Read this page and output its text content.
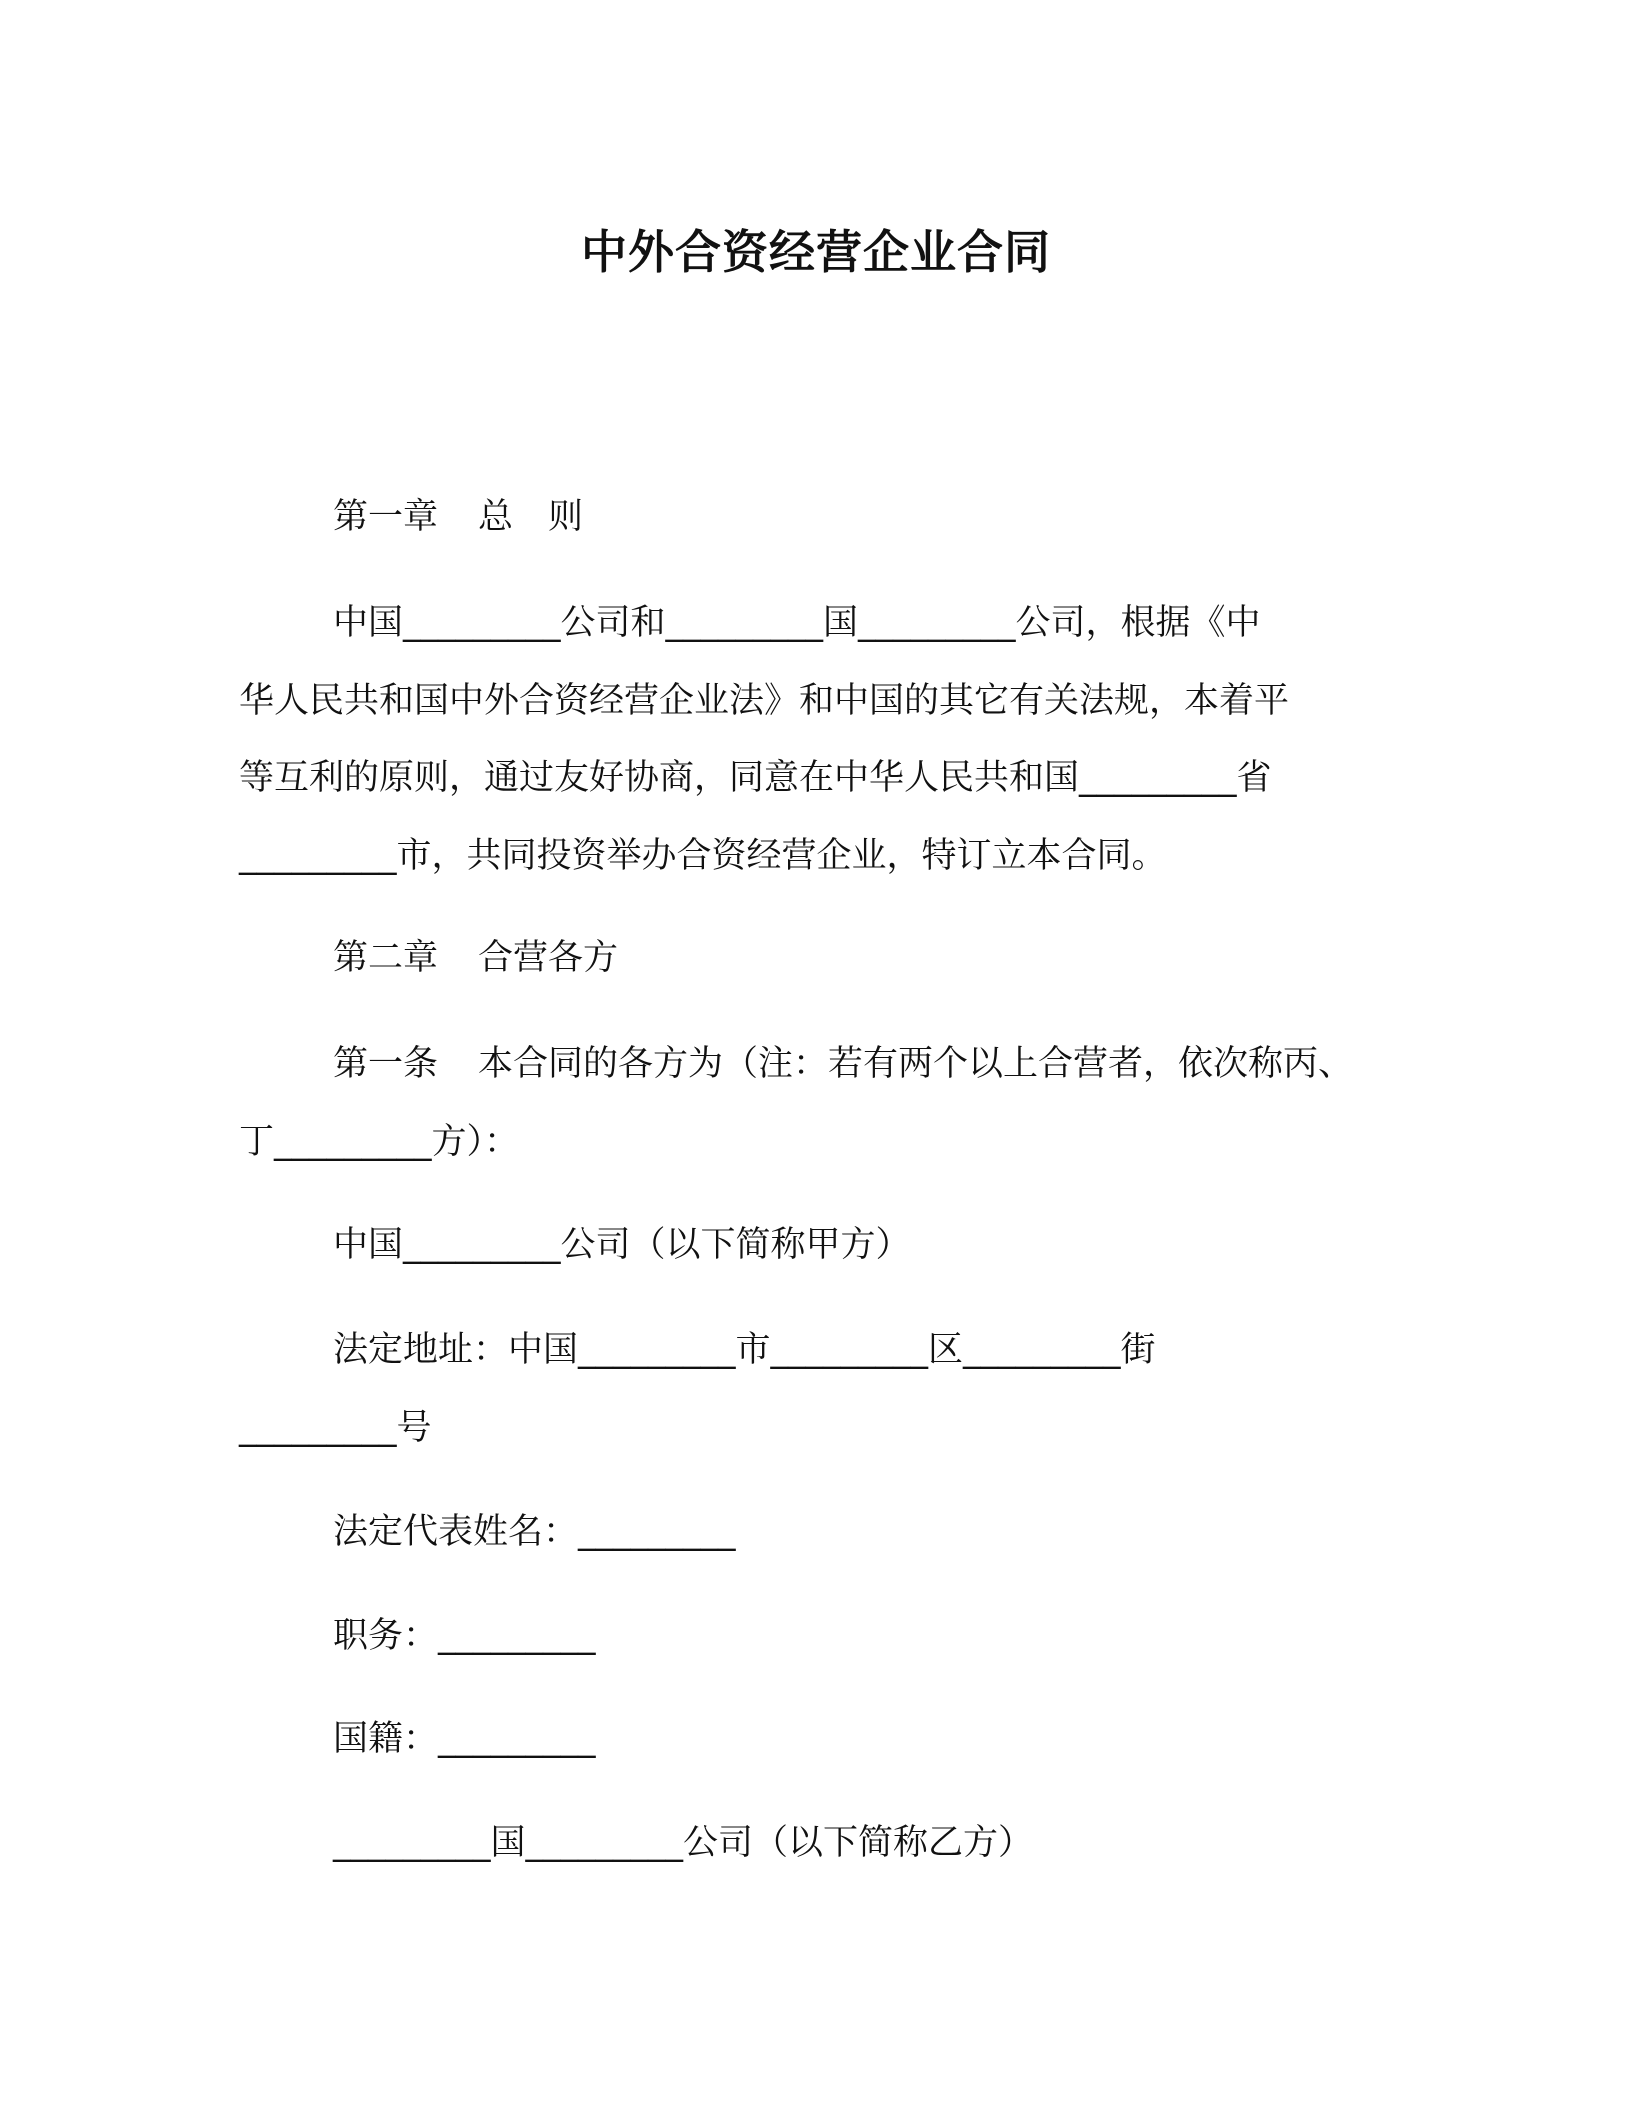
中外合资经营企业合同
第一章 总　则
中国_________公司和_________国_________公司，根据《中
华人民共和国中外合资经营企业法》和中国的其它有关法规，本着平
等互利的原则，通过友好协商，同意在中华人民共和国_________省
_________市，共同投资举办合资经营企业，特订立本合同。
第二章 合营各方
第一条 本合同的各方为（注：若有两个以上合营者，依次称丙、
丁_________方）：
中国_________公司（以下简称甲方）
法定地址：中国_________市_________区_________街
_________号
法定代表姓名：_________
职务：_________
国籍：_________
_________国_________公司（以下简称乙方）
